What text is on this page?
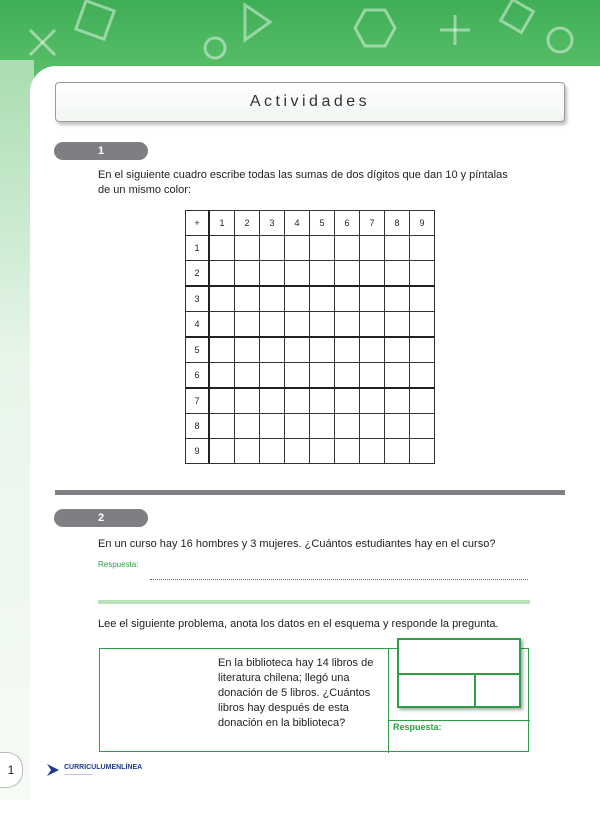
Actividades
1
En el siguiente cuadro escribe todas las sumas de dos dígitos que dan 10 y píntalas de un mismo color:
+	1	2	3	4	5	6	7	8	9
1									
2									
3									
4									
5									
6									
7									
8									
9									
2
En un curso hay 16 hombres y 3 mujeres. ¿Cuántos estudiantes hay en el curso?
Respuesta:
Lee el siguiente problema, anota los datos en el esquema y responde la pregunta.
En la biblioteca hay 14 libros de literatura chilena; llegó una donación de 5 libros. ¿Cuántos libros hay después de esta donación en la biblioteca?	Respuesta:
1	CURRICULUMENLÍNEA
──────────
